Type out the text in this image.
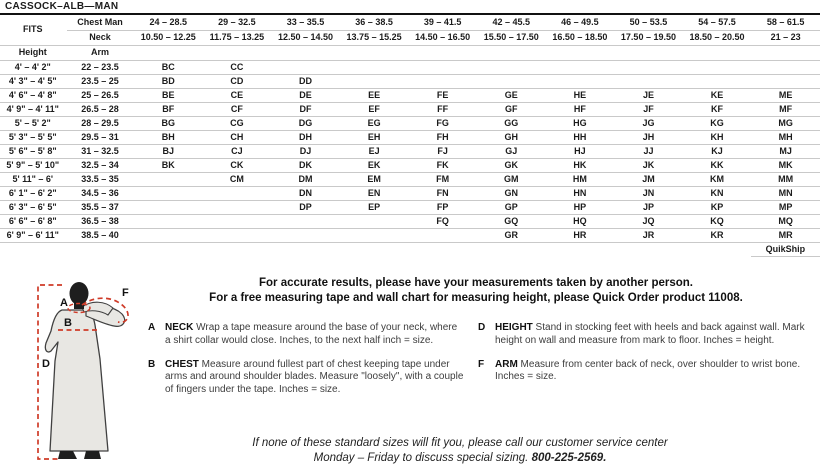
CASSOCK–ALB—MAN
FITS	Chest Man	24 – 28.5	29 – 32.5	33 – 35.5	36 – 38.5	39 – 41.5	42 – 45.5	46 – 49.5	50 – 53.5	54 – 57.5	58 – 61.5
	Neck	10.50 – 12.25	11.75 – 13.25	12.50 – 14.50	13.75 – 15.25	14.50 – 16.50	15.50 – 17.50	16.50 – 18.50	17.50 – 19.50	18.50 – 20.50	21 – 23
Height	Arm										
4' – 4' 2"	22 – 23.5	BC	CC								
4' 3" – 4' 5"	23.5 – 25	BD	CD	DD							
4' 6" – 4' 8"	25 – 26.5	BE	CE	DE	EE	FE	GE	HE	JE	KE	ME
4' 9" – 4' 11"	26.5 – 28	BF	CF	DF	EF	FF	GF	HF	JF	KF	MF
5' – 5' 2"	28 – 29.5	BG	CG	DG	EG	FG	GG	HG	JG	KG	MG
5' 3" – 5' 5"	29.5 – 31	BH	CH	DH	EH	FH	GH	HH	JH	KH	MH
5' 6" – 5' 8"	31 – 32.5	BJ	CJ	DJ	EJ	FJ	GJ	HJ	JJ	KJ	MJ
5' 9" – 5' 10"	32.5 – 34	BK	CK	DK	EK	FK	GK	HK	JK	KK	MK
5' 11" – 6'	33.5 – 35		CM	DM	EM	FM	GM	HM	JM	KM	MM
6' 1" – 6' 2"	34.5 – 36			DN	EN	FN	GN	HN	JN	KN	MN
6' 3" – 6' 5"	35.5 – 37			DP	EP	FP	GP	HP	JP	KP	MP
6' 6" – 6' 8"	36.5 – 38					FQ	GQ	HQ	JQ	KQ	MQ
6' 9" – 6' 11"	38.5 – 40						GR	HR	JR	KR	MR
											QuikShip
For accurate results, please have your measurements taken by another person.
For a free measuring tape and wall chart for measuring height, please Quick Order product 11008.
A
B
D
F
A NECK Wrap a tape measure around the base of your neck, where a shirt collar would close. Inches, to the next half inch = size.
B CHEST Measure around fullest part of chest keeping tape under arms and around shoulder blades. Measure "loosely", with a couple of fingers under the tape. Inches = size.
D HEIGHT Stand in stocking feet with heels and back against wall. Mark height on wall and measure from mark to floor. Inches = height.
F	ARM Measure from center back of neck, over shoulder to wrist bone. Inches = size.
If none of these standard sizes will fit you, please call our customer service center
Monday – Friday to discuss special sizing. 800-225-2569.
